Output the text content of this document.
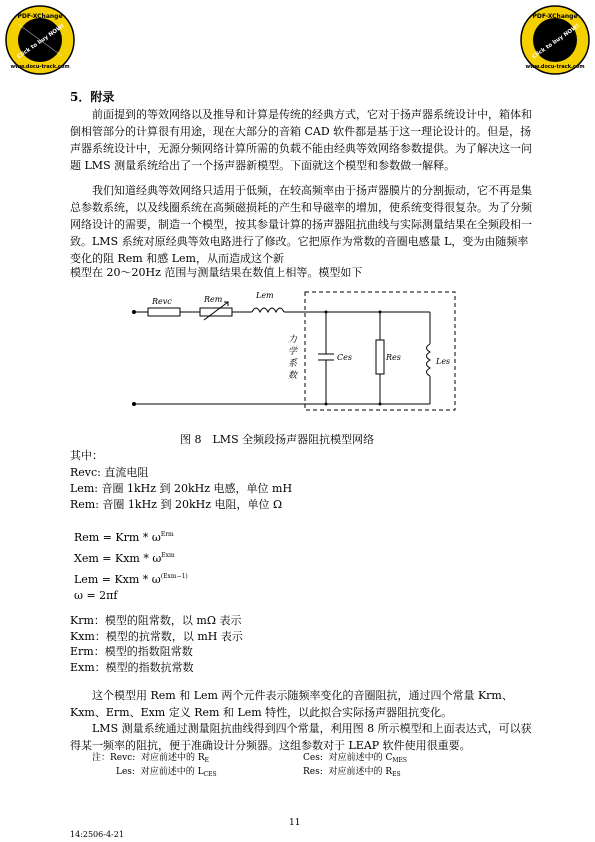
PDF-XChange
Click to buy NOW!
www.docu-track.com
PDF-XChange
Click to buy NOW!
www.docu-track.com
5．附录
前面提到的等效网络以及推导和计算是传统的经典方式，它对于扬声器系统设计中，箱体和倒相管部分的计算很有用途，现在大部分的音箱 CAD 软件都是基于这一理论设计的。但是，扬声器系统设计中，无源分频网络计算所需的负载不能由经典等效网络参数提供。为了解决这一问题 LMS 测量系统给出了一个扬声器新模型。下面就这个模型和参数做一解释。
我们知道经典等效网络只适用于低频，在较高频率由于扬声器膜片的分割振动，它不再是集总参数系统，以及线圈系统在高频磁损耗的产生和导磁率的增加，使系统变得很复杂。为了分频网络设计的需要，制造一个模型，按其参量计算的扬声器阻抗曲线与实际测量结果在全频段相一致。LMS 系统对原经典等效电路进行了修改。它把原作为常数的音圈电感量 L，变为由随频率变化的阻 Rem 和感 Lem，从而造成这个新
模型在 20～20Hz 范围与测量结果在数值上相等。模型如下
Revc	Rem	Lem
Ces	Res	Les
力
学
系
数
图 8　LMS 全频段扬声器阻抗模型网络
其中：
Revc: 直流电阻
Lem: 音圈 1kHz 到 20kHz 电感，单位 mH
Rem: 音圈 1kHz 到 20kHz 电阻，单位 Ω
Rem = Krm * $\omega^{Erm}$
Xem = Kxm * $\omega^{Exm}$
Lem = Kxm * $\omega^{(Exm-1)}$
ω = 2πf
Krm：模型的阻常数，以 mΩ 表示
Kxm：模型的抗常数，以 mH 表示
Erm：模型的指数阻常数
Exm：模型的指数抗常数
这个模型用 Rem 和 Lem 两个元件表示随频率变化的音圈阻抗，通过四个常量 Krm、Kxm、Erm、Exm 定义 Rem 和 Lem 特性，以此拟合实际扬声器阻抗变化。
LMS 测量系统通过测量阻抗曲线得到四个常量，利用图 8 所示模型和上面表达式，可以获得某一频率的阻抗，便于准确设计分频器。这组参数对于 LEAP 软件使用很重要。
注：Revc: 对应前述中的 $R_E$	Ces: 对应前述中的 $C_{MES}$
Les: 对应前述中的 $L_{CES}$	Res: 对应前述中的 $R_{ES}$
11
14:2506-4-21
